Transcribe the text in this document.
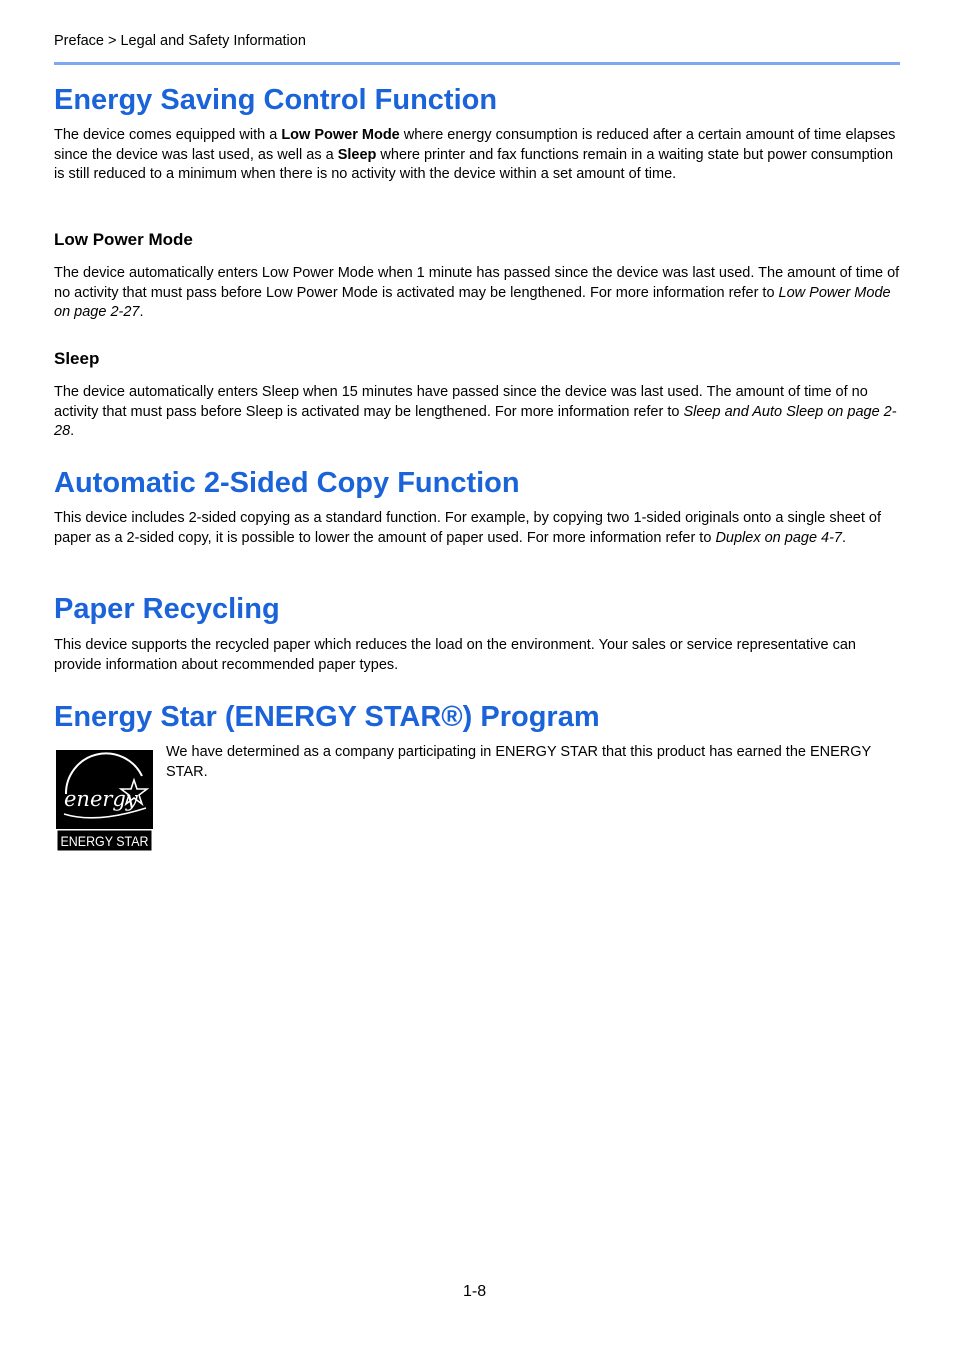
Preface > Legal and Safety Information
Energy Saving Control Function

The device comes equipped with a Low Power Mode where energy consumption is reduced after a certain amount of time elapses since the device was last used, as well as a Sleep where printer and fax functions remain in a waiting state but power consumption is still reduced to a minimum when there is no activity with the device within a set amount of time.

Low Power Mode

The device automatically enters Low Power Mode when 1 minute has passed since the device was last used. The amount of time of no activity that must pass before Low Power Mode is activated may be lengthened. For more information refer to Low Power Mode on page 2-27.

Sleep

The device automatically enters Sleep when 15 minutes have passed since the device was last used. The amount of time of no activity that must pass before Sleep is activated may be lengthened. For more information refer to Sleep and Auto Sleep on page 2-28.

Automatic 2-Sided Copy Function

This device includes 2-sided copying as a standard function. For example, by copying two 1-sided originals onto a single sheet of paper as a 2-sided copy, it is possible to lower the amount of paper used. For more information refer to Duplex on page 4-7.

Paper Recycling

This device supports the recycled paper which reduces the load on the environment. Your sales or service representative can provide information about recommended paper types.

Energy Star (ENERGY STAR®) Program
energy
ENERGY STAR

We have determined as a company participating in ENERGY STAR that this product has earned the ENERGY STAR.

1-8
